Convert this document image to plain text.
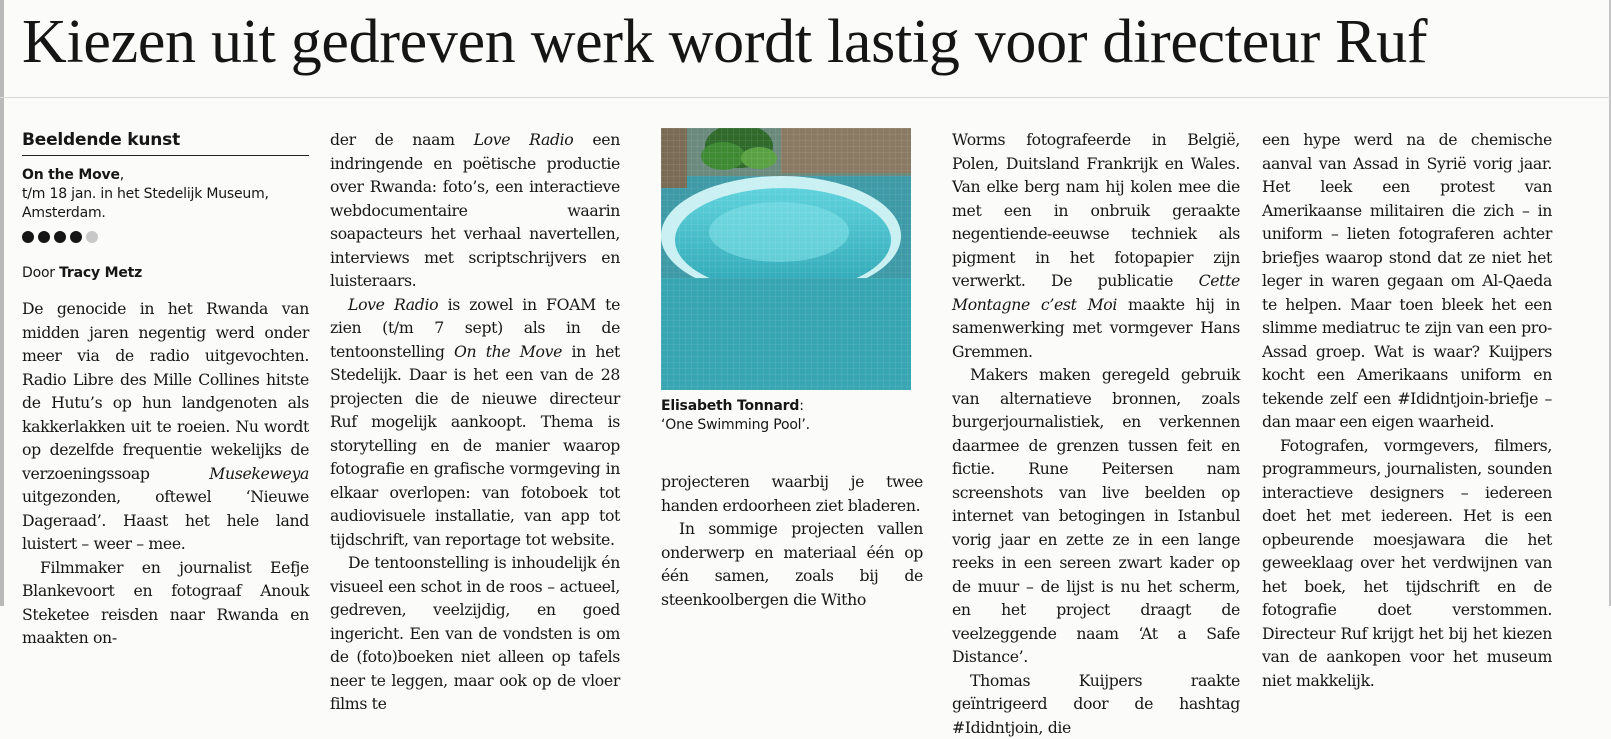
Kiezen uit gedreven werk wordt lastig voor directeur Ruf
Beeldende kunst
On the Move,
t/m 18 jan. in het Stedelijk Museum,
Amsterdam.
Door Tracy Metz

De genocide in het Rwanda van midden jaren negentig werd onder meer via de radio uitgevochten. Radio Libre des Mille Collines hitste de Hutu’s op hun landgenoten als kakkerlakken uit te roeien. Nu wordt op dezelfde frequentie wekelijks de verzoeningssoap Musekeweya uitgezonden, oftewel ‘Nieuwe Dageraad’. Haast het hele land luistert – weer – mee.

Filmmaker en journalist Eefje Blankevoort en fotograaf Anouk Steketee reisden naar Rwanda en maakten on-

der de naam Love Radio een indringende en poëtische productie over Rwanda: foto’s, een interactieve webdocumentaire waarin soapacteurs het verhaal navertellen, interviews met scriptschrijvers en luisteraars.

Love Radio is zowel in FOAM te zien (t/m 7 sept) als in de tentoonstelling On the Move in het Stedelijk. Daar is het een van de 28 projecten die de nieuwe directeur Ruf mogelijk aankoopt. Thema is storytelling en de manier waarop fotografie en grafische vormgeving in elkaar overlopen: van fotoboek tot audiovisuele installatie, van app tot tijdschrift, van reportage tot website.

De tentoonstelling is inhoudelijk én visueel een schot in de roos – actueel, gedreven, veelzijdig, en goed ingericht. Een van de vondsten is om de (foto)boeken niet alleen op tafels neer te leggen, maar ook op de vloer films te

Elisabeth Tonnard:
‘One Swimming Pool’.

projecteren waarbij je twee handen erdoorheen ziet bladeren.

In sommige projecten vallen onderwerp en materiaal één op één samen, zoals bij de steenkoolbergen die Witho

Worms fotografeerde in België, Polen, Duitsland Frankrijk en Wales. Van elke berg nam hij kolen mee die met een in onbruik geraakte negentiende-eeuwse techniek als pigment in het fotopapier zijn verwerkt. De publicatie Cette Montagne c’est Moi maakte hij in samenwerking met vormgever Hans Gremmen.

Makers maken geregeld gebruik van alternatieve bronnen, zoals burgerjournalistiek, en verkennen daarmee de grenzen tussen feit en fictie. Rune Peitersen nam screenshots van live beelden op internet van betogingen in Istanbul vorig jaar en zette ze in een lange reeks in een sereen zwart kader op de muur – de lijst is nu het scherm, en het project draagt de veelzeggende naam ‘At a Safe Distance’.

Thomas Kuijpers raakte geïntrigeerd door de hashtag #Ididntjoin, die

een hype werd na de chemische aanval van Assad in Syrië vorig jaar. Het leek een protest van Amerikaanse militairen die zich – in uniform – lieten fotograferen achter briefjes waarop stond dat ze niet het leger in waren gegaan om Al-Qaeda te helpen. Maar toen bleek het een slimme mediatruc te zijn van een pro-Assad groep. Wat is waar? Kuijpers kocht een Amerikaans uniform en tekende zelf een #Ididntjoin-briefje – dan maar een eigen waarheid.

Fotografen, vormgevers, filmers, programmeurs, journalisten, sounden interactieve designers – iedereen doet het met iedereen. Het is een opbeurende moesjawara die het geweeklaag over het verdwijnen van het boek, het tijdschrift en de fotografie doet verstommen. Directeur Ruf krijgt het bij het kiezen van de aankopen voor het museum niet makkelijk.
